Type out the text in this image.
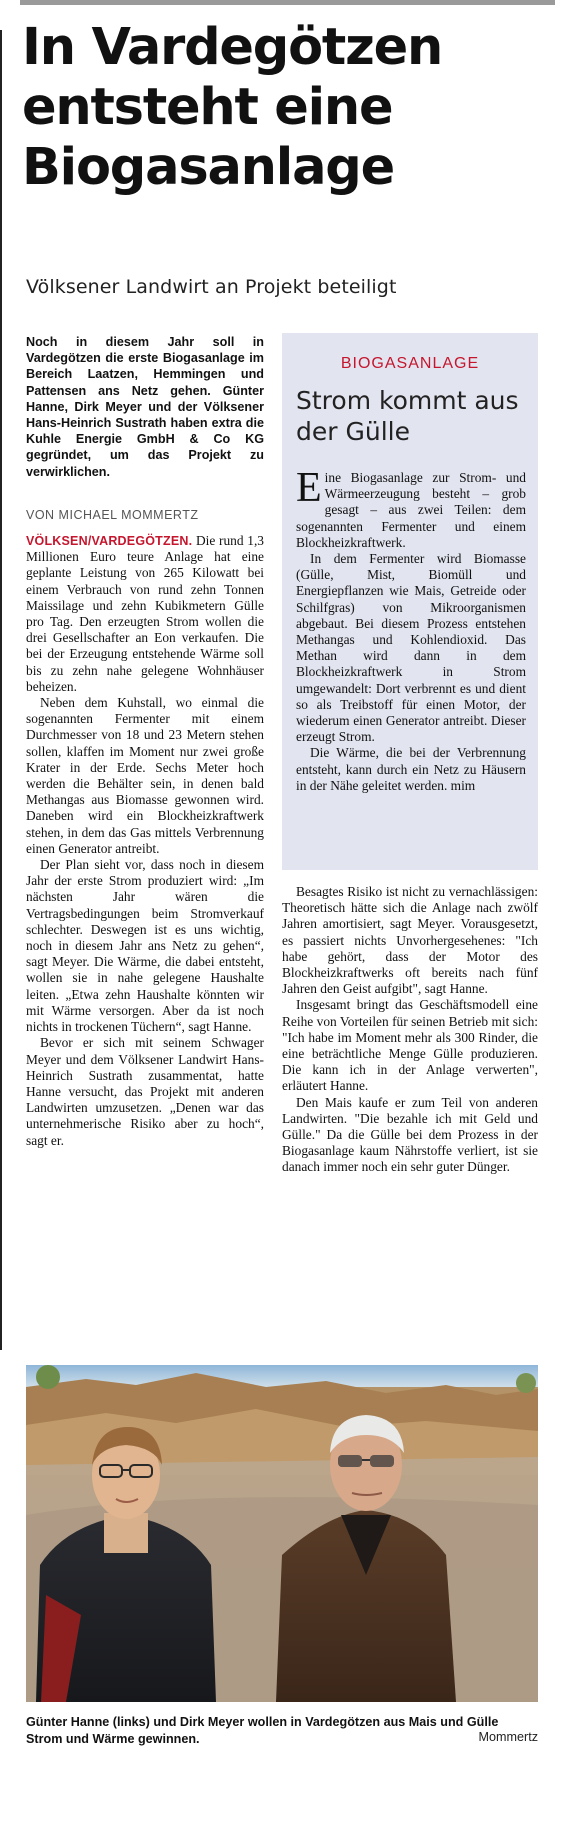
In Vardegötzen entsteht eine Biogasanlage
Völksener Landwirt an Projekt beteiligt
Noch in diesem Jahr soll in Vardegötzen die erste Biogasanlage im Bereich Laatzen, Hemmingen und Pattensen ans Netz gehen. Günter Hanne, Dirk Meyer und der Völksener Hans-Heinrich Sustrath haben extra die Kuhle Energie GmbH & Co KG gegründet, um das Projekt zu verwirklichen.
VON MICHAEL MOMMERTZ

VÖLKSEN/VARDEGÖTZEN. Die rund 1,3 Millionen Euro teure Anlage hat eine geplante Leistung von 265 Kilowatt bei einem Verbrauch von rund zehn Tonnen Maissilage und zehn Kubikmetern Gülle pro Tag. Den erzeugten Strom wollen die drei Gesellschafter an Eon verkaufen. Die bei der Erzeugung entstehende Wärme soll bis zu zehn nahe gelegene Wohnhäuser beheizen.

Neben dem Kuhstall, wo einmal die sogenannten Fermenter mit einem Durchmesser von 18 und 23 Metern stehen sollen, klaffen im Moment nur zwei große Krater in der Erde. Sechs Meter hoch werden die Behälter sein, in denen bald Methangas aus Biomasse gewonnen wird. Daneben wird ein Blockheizkraftwerk stehen, in dem das Gas mittels Verbrennung einen Generator antreibt.

Der Plan sieht vor, dass noch in diesem Jahr der erste Strom produziert wird: „Im nächsten Jahr wären die Vertragsbedingungen beim Stromverkauf schlechter. Deswegen ist es uns wichtig, noch in diesem Jahr ans Netz zu gehen“, sagt Meyer. Die Wärme, die dabei entsteht, wollen sie in nahe gelegene Haushalte leiten. „Etwa zehn Haushalte könnten wir mit Wärme versorgen. Aber da ist noch nichts in trockenen Tüchern“, sagt Hanne.

Bevor er sich mit seinem Schwager Meyer und dem Völksener Landwirt Hans-Heinrich Sustrath zusammentat, hatte Hanne versucht, das Projekt mit anderen Landwirten umzusetzen. „Denen war das unternehmerische Risiko aber zu hoch“, sagt er.

BIOGASANLAGE
Strom kommt aus der Gülle

Eine Biogasanlage zur Strom- und Wärmeerzeugung besteht – grob gesagt – aus zwei Teilen: dem sogenannten Fermenter und einem Blockheizkraftwerk.

In dem Fermenter wird Biomasse (Gülle, Mist, Biomüll und Energiepflanzen wie Mais, Getreide oder Schilfgras) von Mikroorganismen abgebaut. Bei diesem Prozess entstehen Methangas und Kohlendioxid. Das Methan wird dann in dem Blockheizkraftwerk in Strom umgewandelt: Dort verbrennt es und dient so als Treibstoff für einen Motor, der wiederum einen Generator antreibt. Dieser erzeugt Strom.

Die Wärme, die bei der Verbrennung entsteht, kann durch ein Netz zu Häusern in der Nähe geleitet werden. mim

Besagtes Risiko ist nicht zu vernachlässigen: Theoretisch hätte sich die Anlage nach zwölf Jahren amortisiert, sagt Meyer. Vorausgesetzt, es passiert nichts Unvorhergesehenes: "Ich habe gehört, dass der Motor des Blockheizkraftwerks oft bereits nach fünf Jahren den Geist aufgibt", sagt Hanne.

Insgesamt bringt das Geschäftsmodell eine Reihe von Vorteilen für seinen Betrieb mit sich: "Ich habe im Moment mehr als 300 Rinder, die eine beträchtliche Menge Gülle produzieren. Die kann ich in der Anlage verwerten", erläutert Hanne.

Den Mais kaufe er zum Teil von anderen Landwirten. "Die bezahle ich mit Geld und Gülle." Da die Gülle bei dem Prozess in der Biogasanlage kaum Nährstoffe verliert, ist sie danach immer noch ein sehr guter Dünger.

Günter Hanne (links) und Dirk Meyer wollen in Vardegötzen aus Mais und Gülle Strom und Wärme gewinnen.	Mommertz
